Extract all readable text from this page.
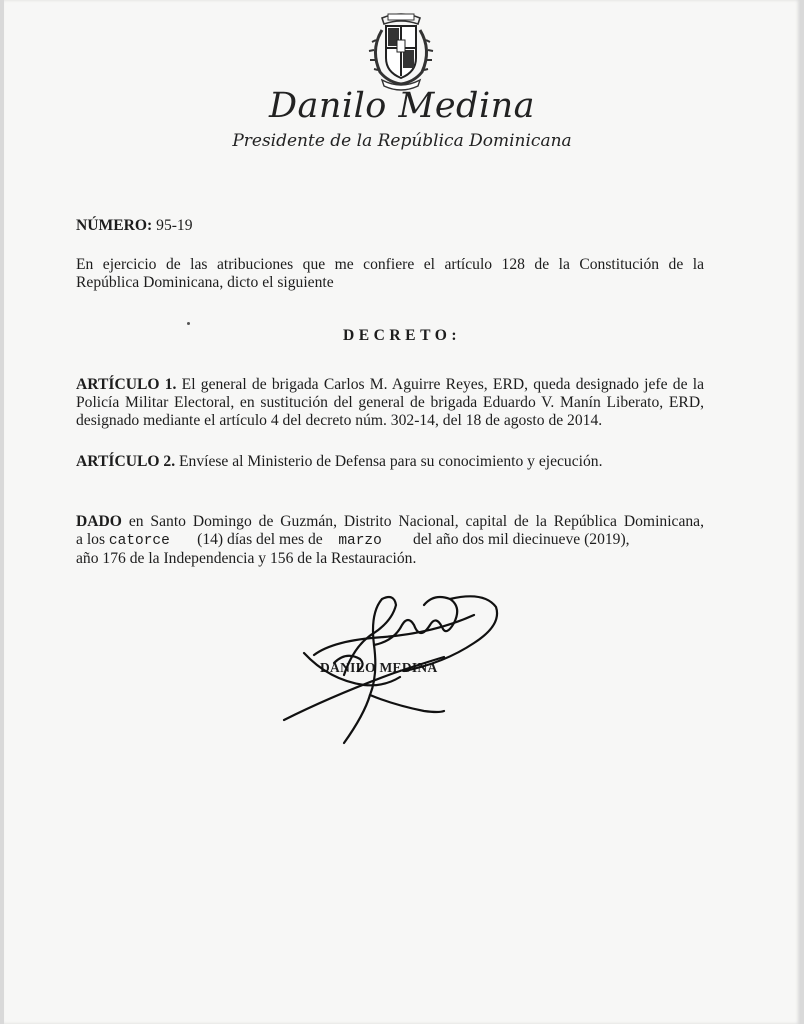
Danilo Medina
Presidente de la República Dominicana
NÚMERO: 95-19
En ejercicio de las atribuciones que me confiere el artículo 128 de la Constitución de la
República Dominicana, dicto el siguiente
DECRETO:
ARTÍCULO 1. El general de brigada Carlos M. Aguirre Reyes, ERD, queda designado jefe de la
Policía Militar Electoral, en sustitución del general de brigada Eduardo V. Manín Liberato, ERD,
designado mediante el artículo 4 del decreto núm. 302-14, del 18 de agosto de 2014.
ARTÍCULO 2. Envíese al Ministerio de Defensa para su conocimiento y ejecución.
DADO en Santo Domingo de Guzmán, Distrito Nacional, capital de la República Dominicana,
a los catorce (14) días del mes de    marzo del año dos mil diecinueve (2019),
año 176 de la Independencia y 156 de la Restauración.
DANILO MEDINA
